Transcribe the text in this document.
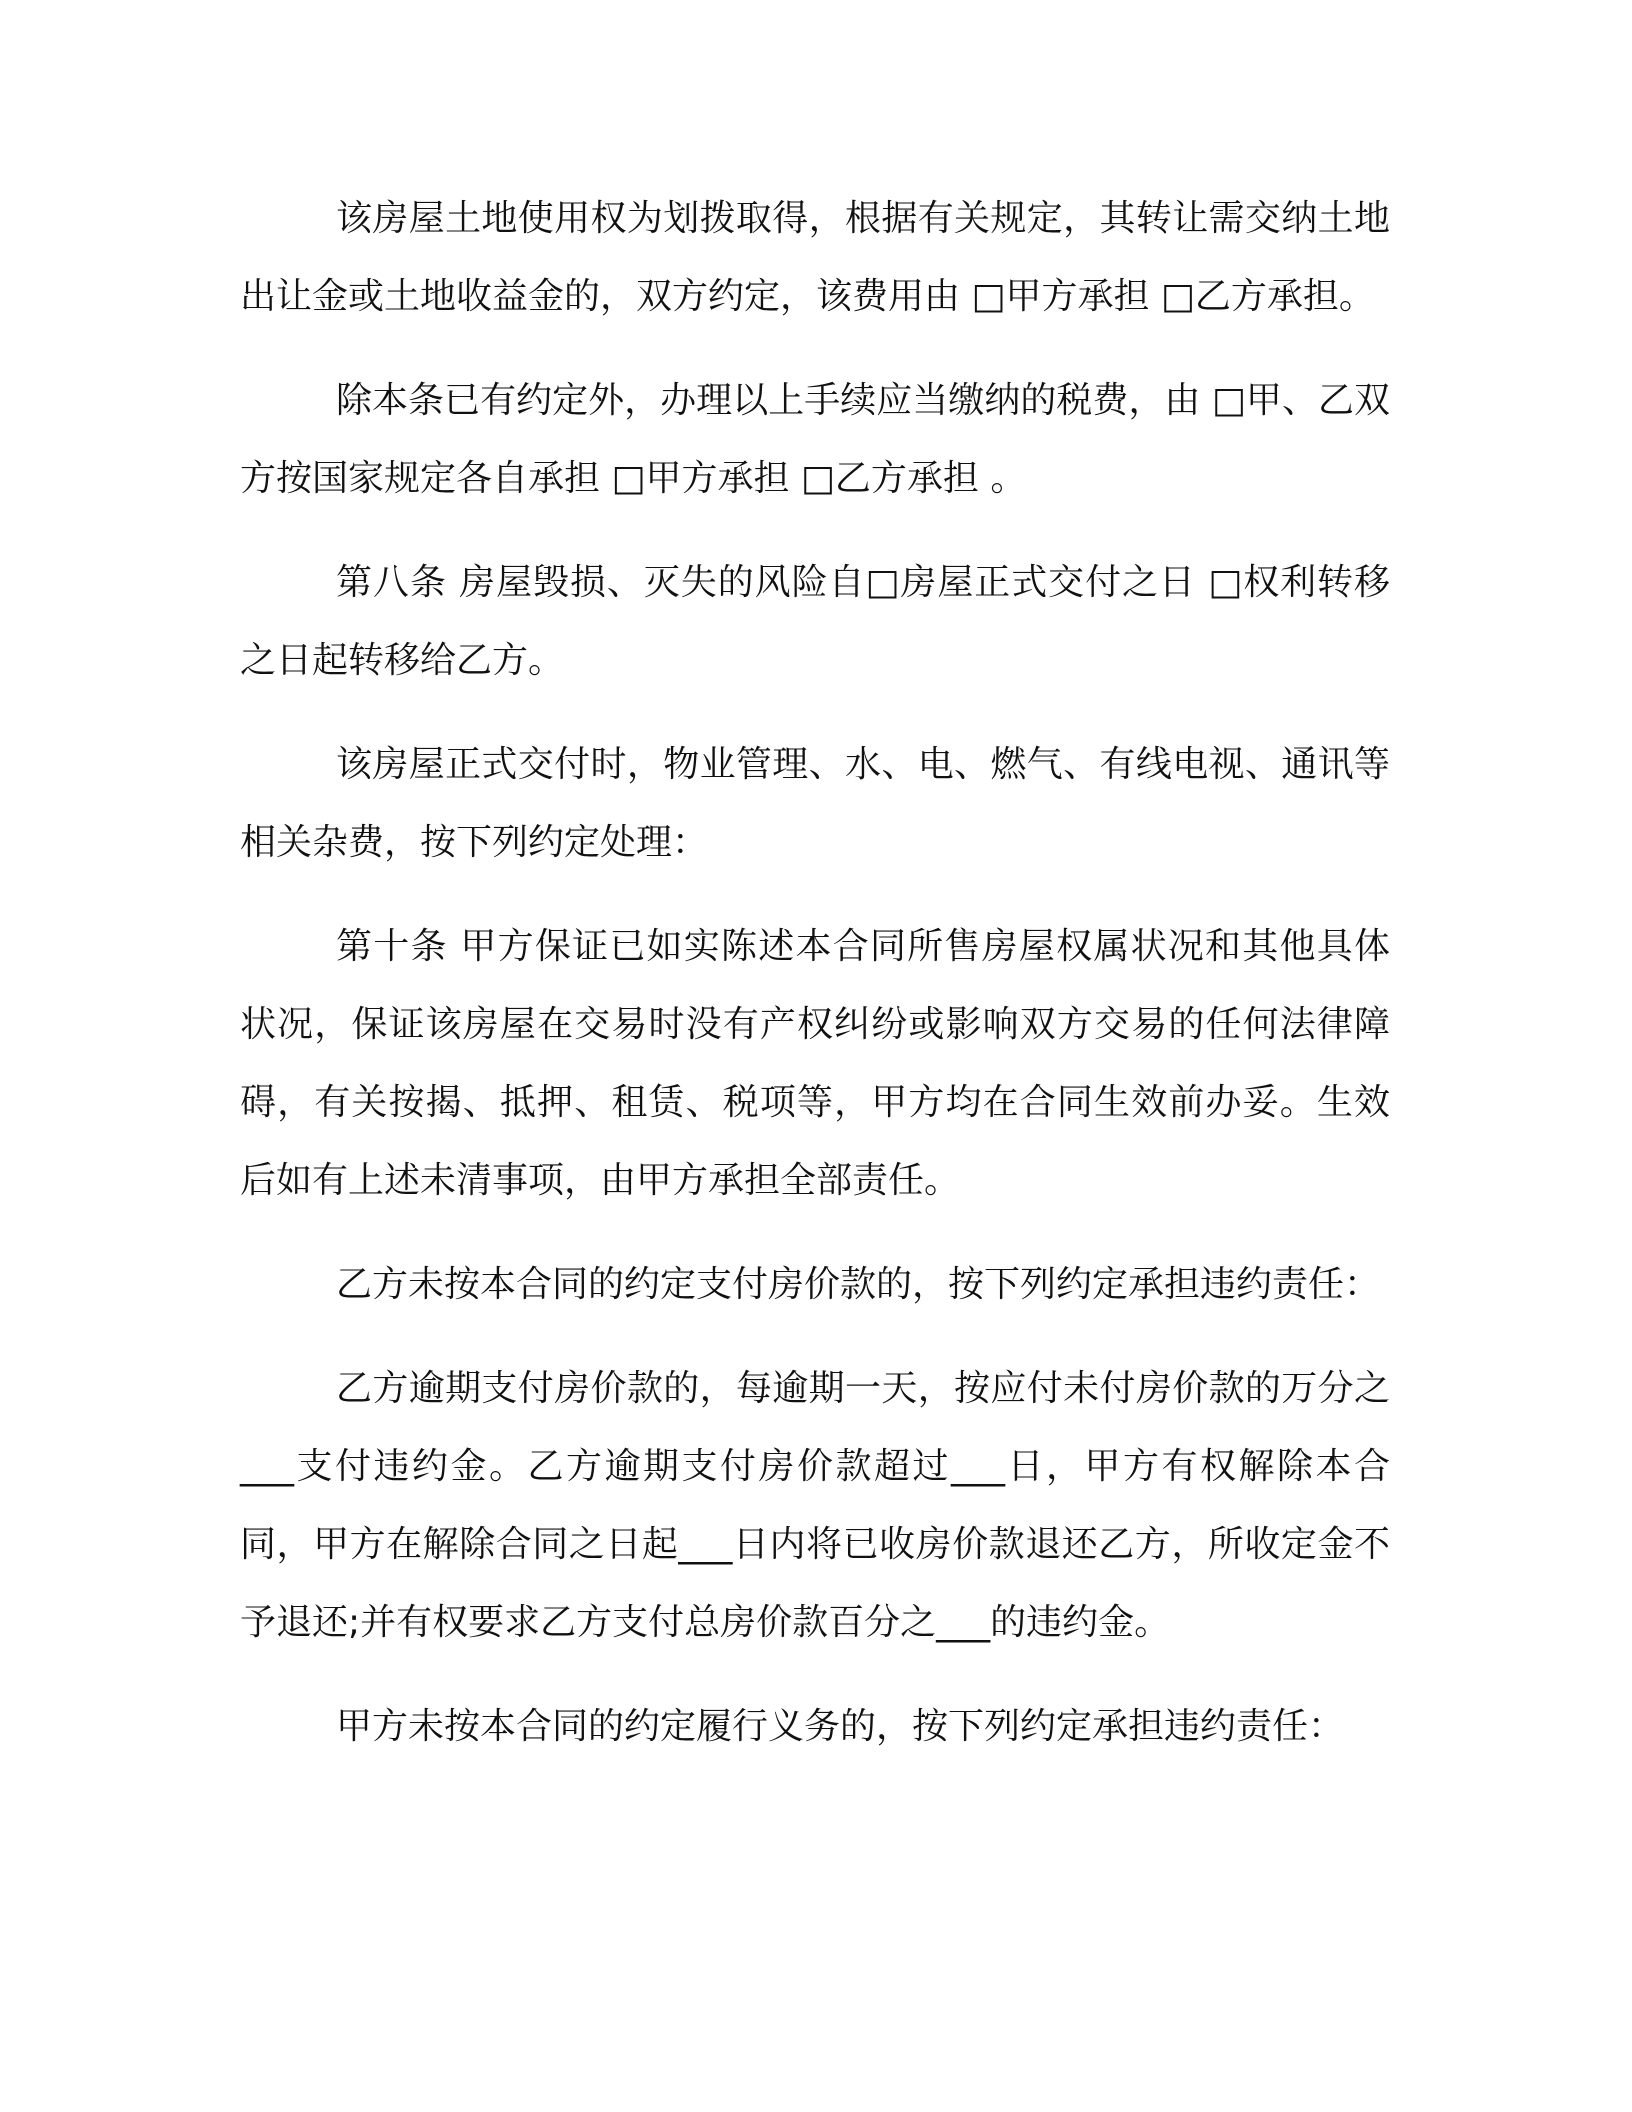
该房屋土地使用权为划拨取得，根据有关规定，其转让需交纳土地出让金或土地收益金的，双方约定，该费用由 □甲方承担 □乙方承担。

除本条已有约定外，办理以上手续应当缴纳的税费，由 □甲、乙双方按国家规定各自承担 □甲方承担 □乙方承担 。

第八条 房屋毁损、灭失的风险自□房屋正式交付之日 □权利转移之日起转移给乙方。

该房屋正式交付时，物业管理、水、电、燃气、有线电视、通讯等相关杂费，按下列约定处理：

第十条 甲方保证已如实陈述本合同所售房屋权属状况和其他具体状况，保证该房屋在交易时没有产权纠纷或影响双方交易的任何法律障碍，有关按揭、抵押、租赁、税项等，甲方均在合同生效前办妥。生效后如有上述未清事项，由甲方承担全部责任。

乙方未按本合同的约定支付房价款的，按下列约定承担违约责任：

乙方逾期支付房价款的，每逾期一天，按应付未付房价款的万分之___支付违约金。乙方逾期支付房价款超过___日，甲方有权解除本合同，甲方在解除合同之日起___日内将已收房价款退还乙方，所收定金不予退还;并有权要求乙方支付总房价款百分之___的违约金。

甲方未按本合同的约定履行义务的，按下列约定承担违约责任：
